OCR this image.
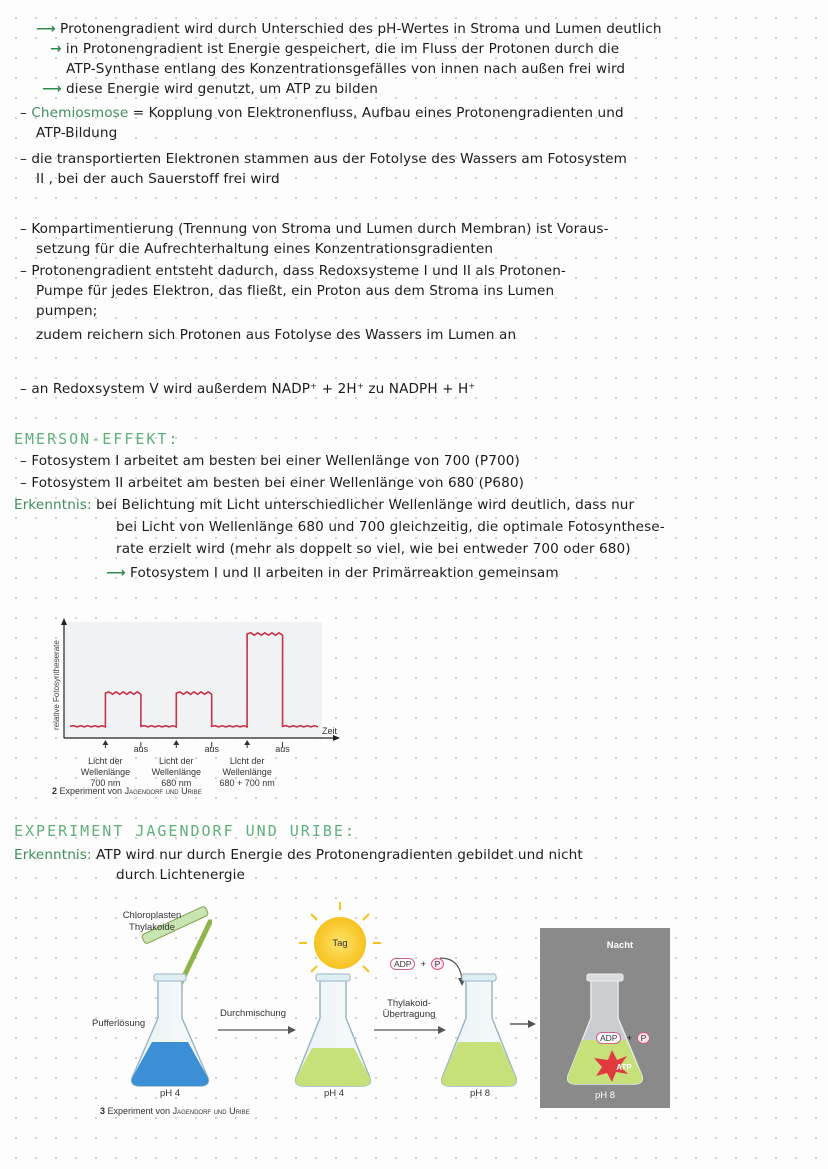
⟶ Protonengradient wird durch Unterschied des pH-Wertes in Stroma und Lumen deutlich
→ in Protonengradient ist Energie gespeichert, die im Fluss der Protonen durch die
ATP-Synthase entlang des Konzentrationsgefälles von innen nach außen frei wird
⟶ diese Energie wird genutzt, um ATP zu bilden
– Chemiosmose = Kopplung von Elektronenfluss, Aufbau eines Protonengradienten und
ATP-Bildung
– die transportierten Elektronen stammen aus der Fotolyse des Wassers am Fotosystem
II , bei der auch Sauerstoff frei wird
– Kompartimentierung (Trennung von Stroma und Lumen durch Membran) ist Voraus-
setzung für die Aufrechterhaltung eines Konzentrationsgradienten
– Protonengradient entsteht dadurch, dass Redoxsysteme I und II als Protonen-
Pumpe für jedes Elektron, das fließt, ein Proton aus dem Stroma ins Lumen
pumpen;
zudem reichern sich Protonen aus Fotolyse des Wassers im Lumen an
– an Redoxsystem V wird außerdem NADP⁺ + 2H⁺ zu NADPH + H⁺
EMERSON-EFFEKT:
– Fotosystem I arbeitet am besten bei einer Wellenlänge von 700 (P700)
– Fotosystem II arbeitet am besten bei einer Wellenlänge von 680 (P680)
Erkenntnis: bei Belichtung mit Licht unterschiedlicher Wellenlänge wird deutlich, dass nur
bei Licht von Wellenlänge 680 und 700 gleichzeitig, die optimale Fotosynthese-
rate erzielt wird (mehr als doppelt so viel, wie bei entweder 700 oder 680)
⟶ Fotosystem I und II arbeiten in der Primärreaktion gemeinsam
Zeit
relative Fotosyntheserate
Licht der
Wellenlänge
700 nm
aus
Licht der
Wellenlänge
680 nm
aus
Licht der
Wellenlänge
680 + 700 nm
aus
2 Experiment von Jagendorf und Uribe
EXPERIMENT JAGENDORF UND URIBE:
Erkenntnis: ATP wird nur durch Energie des Protonengradienten gebildet und nicht
durch Lichtenergie
Chloroplasten
Thylakoide
Pufferlösung
Durchmischung
Tag
ADP + P
Thylakoid-
Übertragung
Nacht
ADP + P
ATP
pH 4	pH 4	pH 8	pH 8
3 Experiment von Jagendorf und Uribe
